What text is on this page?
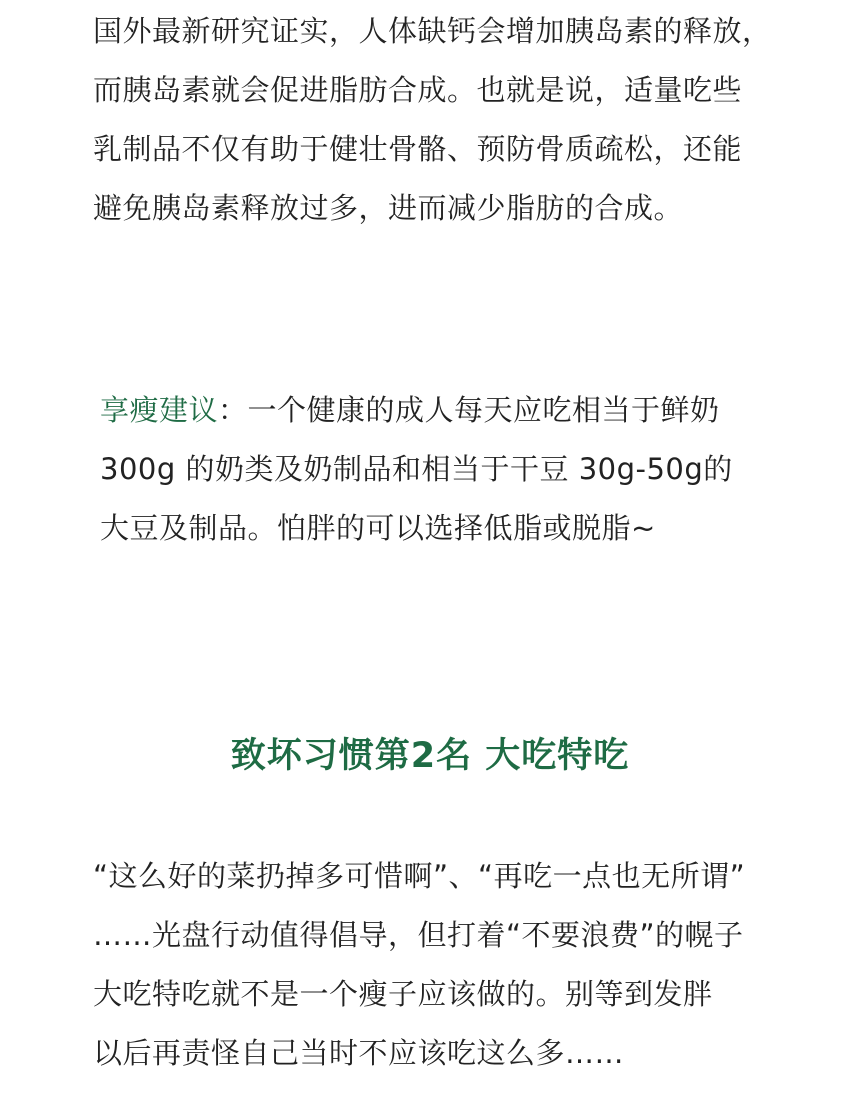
国外最新研究证实，人体缺钙会增加胰岛素的释放，
而胰岛素就会促进脂肪合成。也就是说，适量吃些
乳制品不仅有助于健壮骨骼、预防骨质疏松，还能
避免胰岛素释放过多，进而减少脂肪的合成。
享瘦建议：一个健康的成人每天应吃相当于鲜奶
300g 的奶类及奶制品和相当于干豆 30g-50g的
大豆及制品。怕胖的可以选择低脂或脱脂~
致坏习惯第2名 大吃特吃
“这么好的菜扔掉多可惜啊”、“再吃一点也无所谓”
……光盘行动值得倡导，但打着“不要浪费”的幌子
大吃特吃就不是一个瘦子应该做的。别等到发胖
以后再责怪自己当时不应该吃这么多……
